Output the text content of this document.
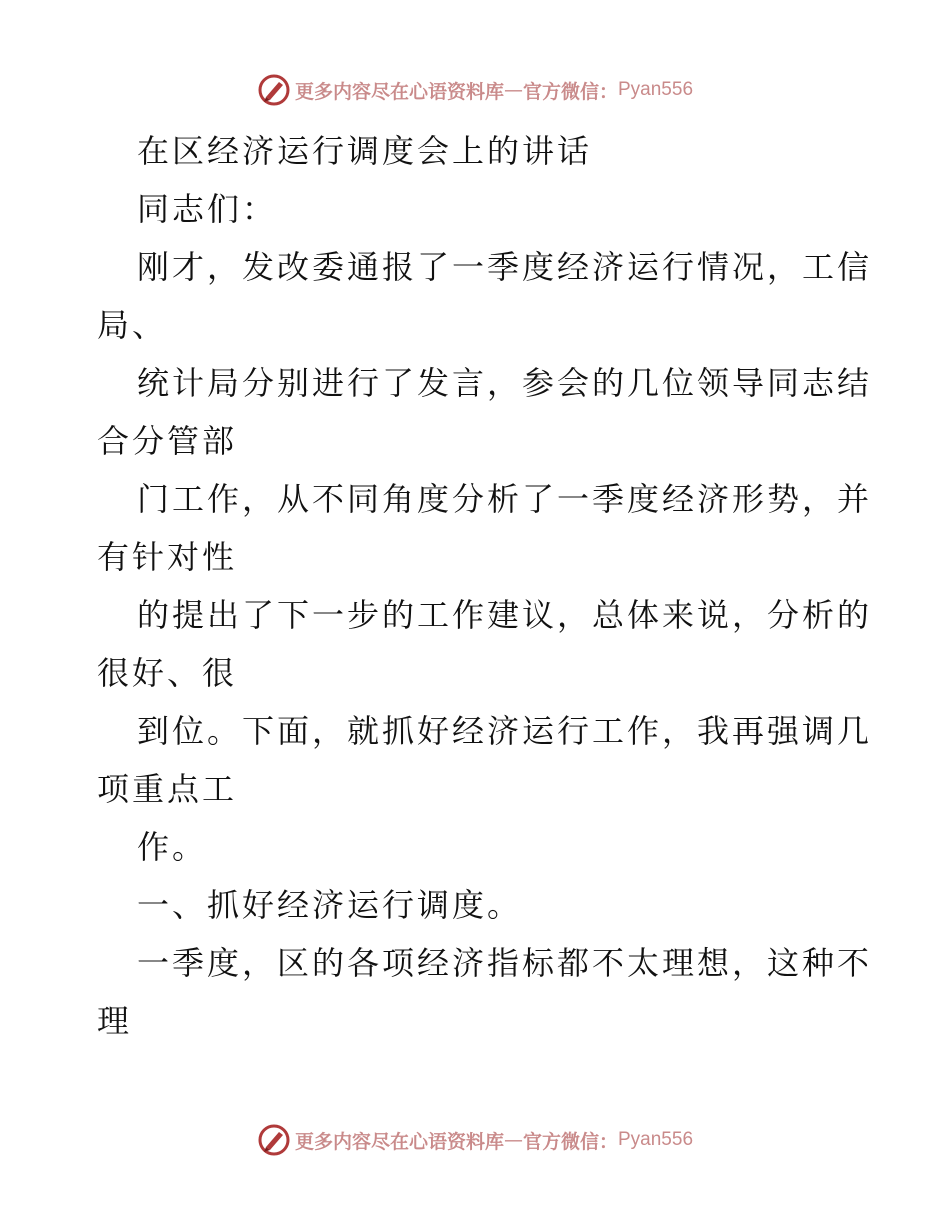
更多内容尽在心语资料库 — 官方微信： Pyan556
在区经济运行调度会上的讲话
同志们：
刚才，发改委通报了一季度经济运行情况，工信
局、
统计局分别进行了发言，参会的几位领导同志结
合分管部
门工作，从不同角度分析了一季度经济形势，并
有针对性
的提出了下一步的工作建议，总体来说，分析的
很好、很
到位。下面，就抓好经济运行工作，我再强调几
项重点工
作。
一、抓好经济运行调度。
一季度，区的各项经济指标都不太理想，这种不
理
更多内容尽在心语资料库 — 官方微信： Pyan556
